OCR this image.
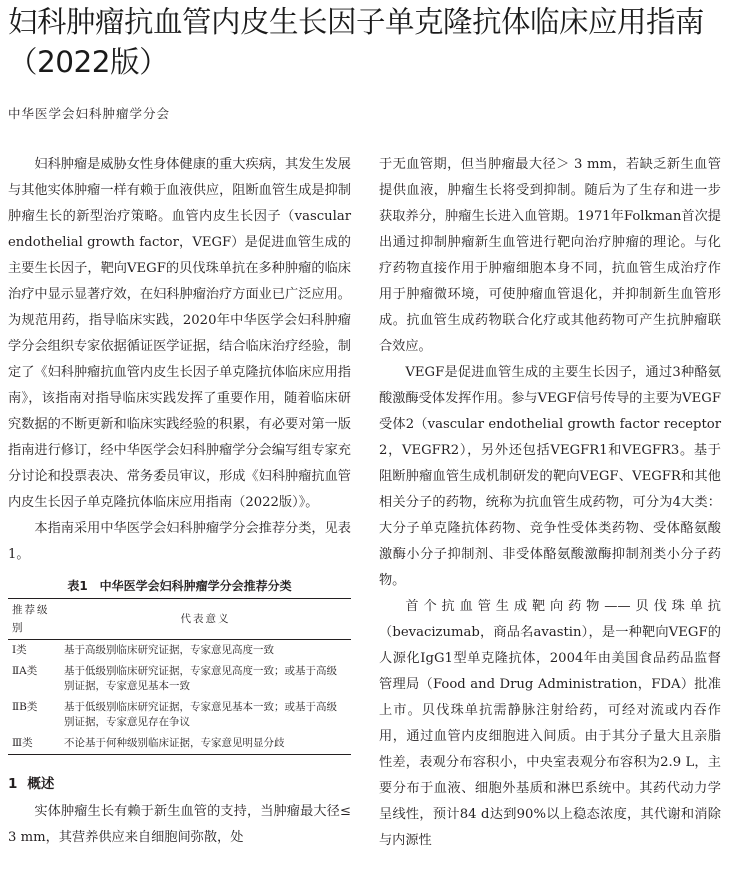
妇科肿瘤抗血管内皮生长因子单克隆抗体临床应用指南（2022版）
中华医学会妇科肿瘤学分会

妇科肿瘤是威胁女性身体健康的重大疾病，其发生发展与其他实体肿瘤一样有赖于血液供应，阻断血管生成是抑制肿瘤生长的新型治疗策略。血管内皮生长因子（vascular endothelial growth factor，VEGF）是促进血管生成的主要生长因子，靶向VEGF的贝伐珠单抗在多种肿瘤的临床治疗中显示显著疗效，在妇科肿瘤治疗方面业已广泛应用。为规范用药，指导临床实践，2020年中华医学会妇科肿瘤学分会组织专家依据循证医学证据，结合临床治疗经验，制定了《妇科肿瘤抗血管内皮生长因子单克隆抗体临床应用指南》，该指南对指导临床实践发挥了重要作用，随着临床研究数据的不断更新和临床实践经验的积累，有必要对第一版指南进行修订，经中华医学会妇科肿瘤学分会编写组专家充分讨论和投票表决、常务委员审议，形成《妇科肿瘤抗血管内皮生长因子单克隆抗体临床应用指南（2022版）》。

本指南采用中华医学会妇科肿瘤学分会推荐分类，见表1。

表1　中华医学会妇科肿瘤学分会推荐分类
推荐级别	代表意义
Ⅰ类	基于高级别临床研究证据，专家意见高度一致
ⅡA类	基于低级别临床研究证据，专家意见高度一致；或基于高级别证据，专家意见基本一致
ⅡB类	基于低级别临床研究证据，专家意见基本一致；或基于高级别证据，专家意见存在争议
Ⅲ类	不论基于何种级别临床证据，专家意见明显分歧
1 概述

实体肿瘤生长有赖于新生血管的支持，当肿瘤最大径≤ 3 mm，其营养供应来自细胞间弥散，处

于无血管期，但当肿瘤最大径＞ 3 mm，若缺乏新生血管提供血液，肿瘤生长将受到抑制。随后为了生存和进一步获取养分，肿瘤生长进入血管期。1971年Folkman首次提出通过抑制肿瘤新生血管进行靶向治疗肿瘤的理论。与化疗药物直接作用于肿瘤细胞本身不同，抗血管生成治疗作用于肿瘤微环境，可使肿瘤血管退化，并抑制新生血管形成。抗血管生成药物联合化疗或其他药物可产生抗肿瘤联合效应。

VEGF是促进血管生成的主要生长因子，通过3种酪氨酸激酶受体发挥作用。参与VEGF信号传导的主要为VEGF受体2（vascular endothelial growth factor receptor 2，VEGFR2），另外还包括VEGFR1和VEGFR3。基于阻断肿瘤血管生成机制研发的靶向VEGF、VEGFR和其他相关分子的药物，统称为抗血管生成药物，可分为4大类：大分子单克隆抗体药物、竞争性受体类药物、受体酪氨酸激酶小分子抑制剂、非受体酪氨酸激酶抑制剂类小分子药物。

首个抗血管生成靶向药物——贝伐珠单抗（bevacizumab，商品名avastin），是一种靶向VEGF的人源化IgG1型单克隆抗体，2004年由美国食品药品监督管理局（Food and Drug Administration，FDA）批准上市。贝伐珠单抗需静脉注射给药，可经对流或内吞作用，通过血管内皮细胞进入间质。由于其分子量大且亲脂性差，表观分布容积小，中央室表观分布容积为2.9 L，主要分布于血液、细胞外基质和淋巴系统中。其药代动力学呈线性，预计84 d达到90%以上稳态浓度，其代谢和消除与内源性
